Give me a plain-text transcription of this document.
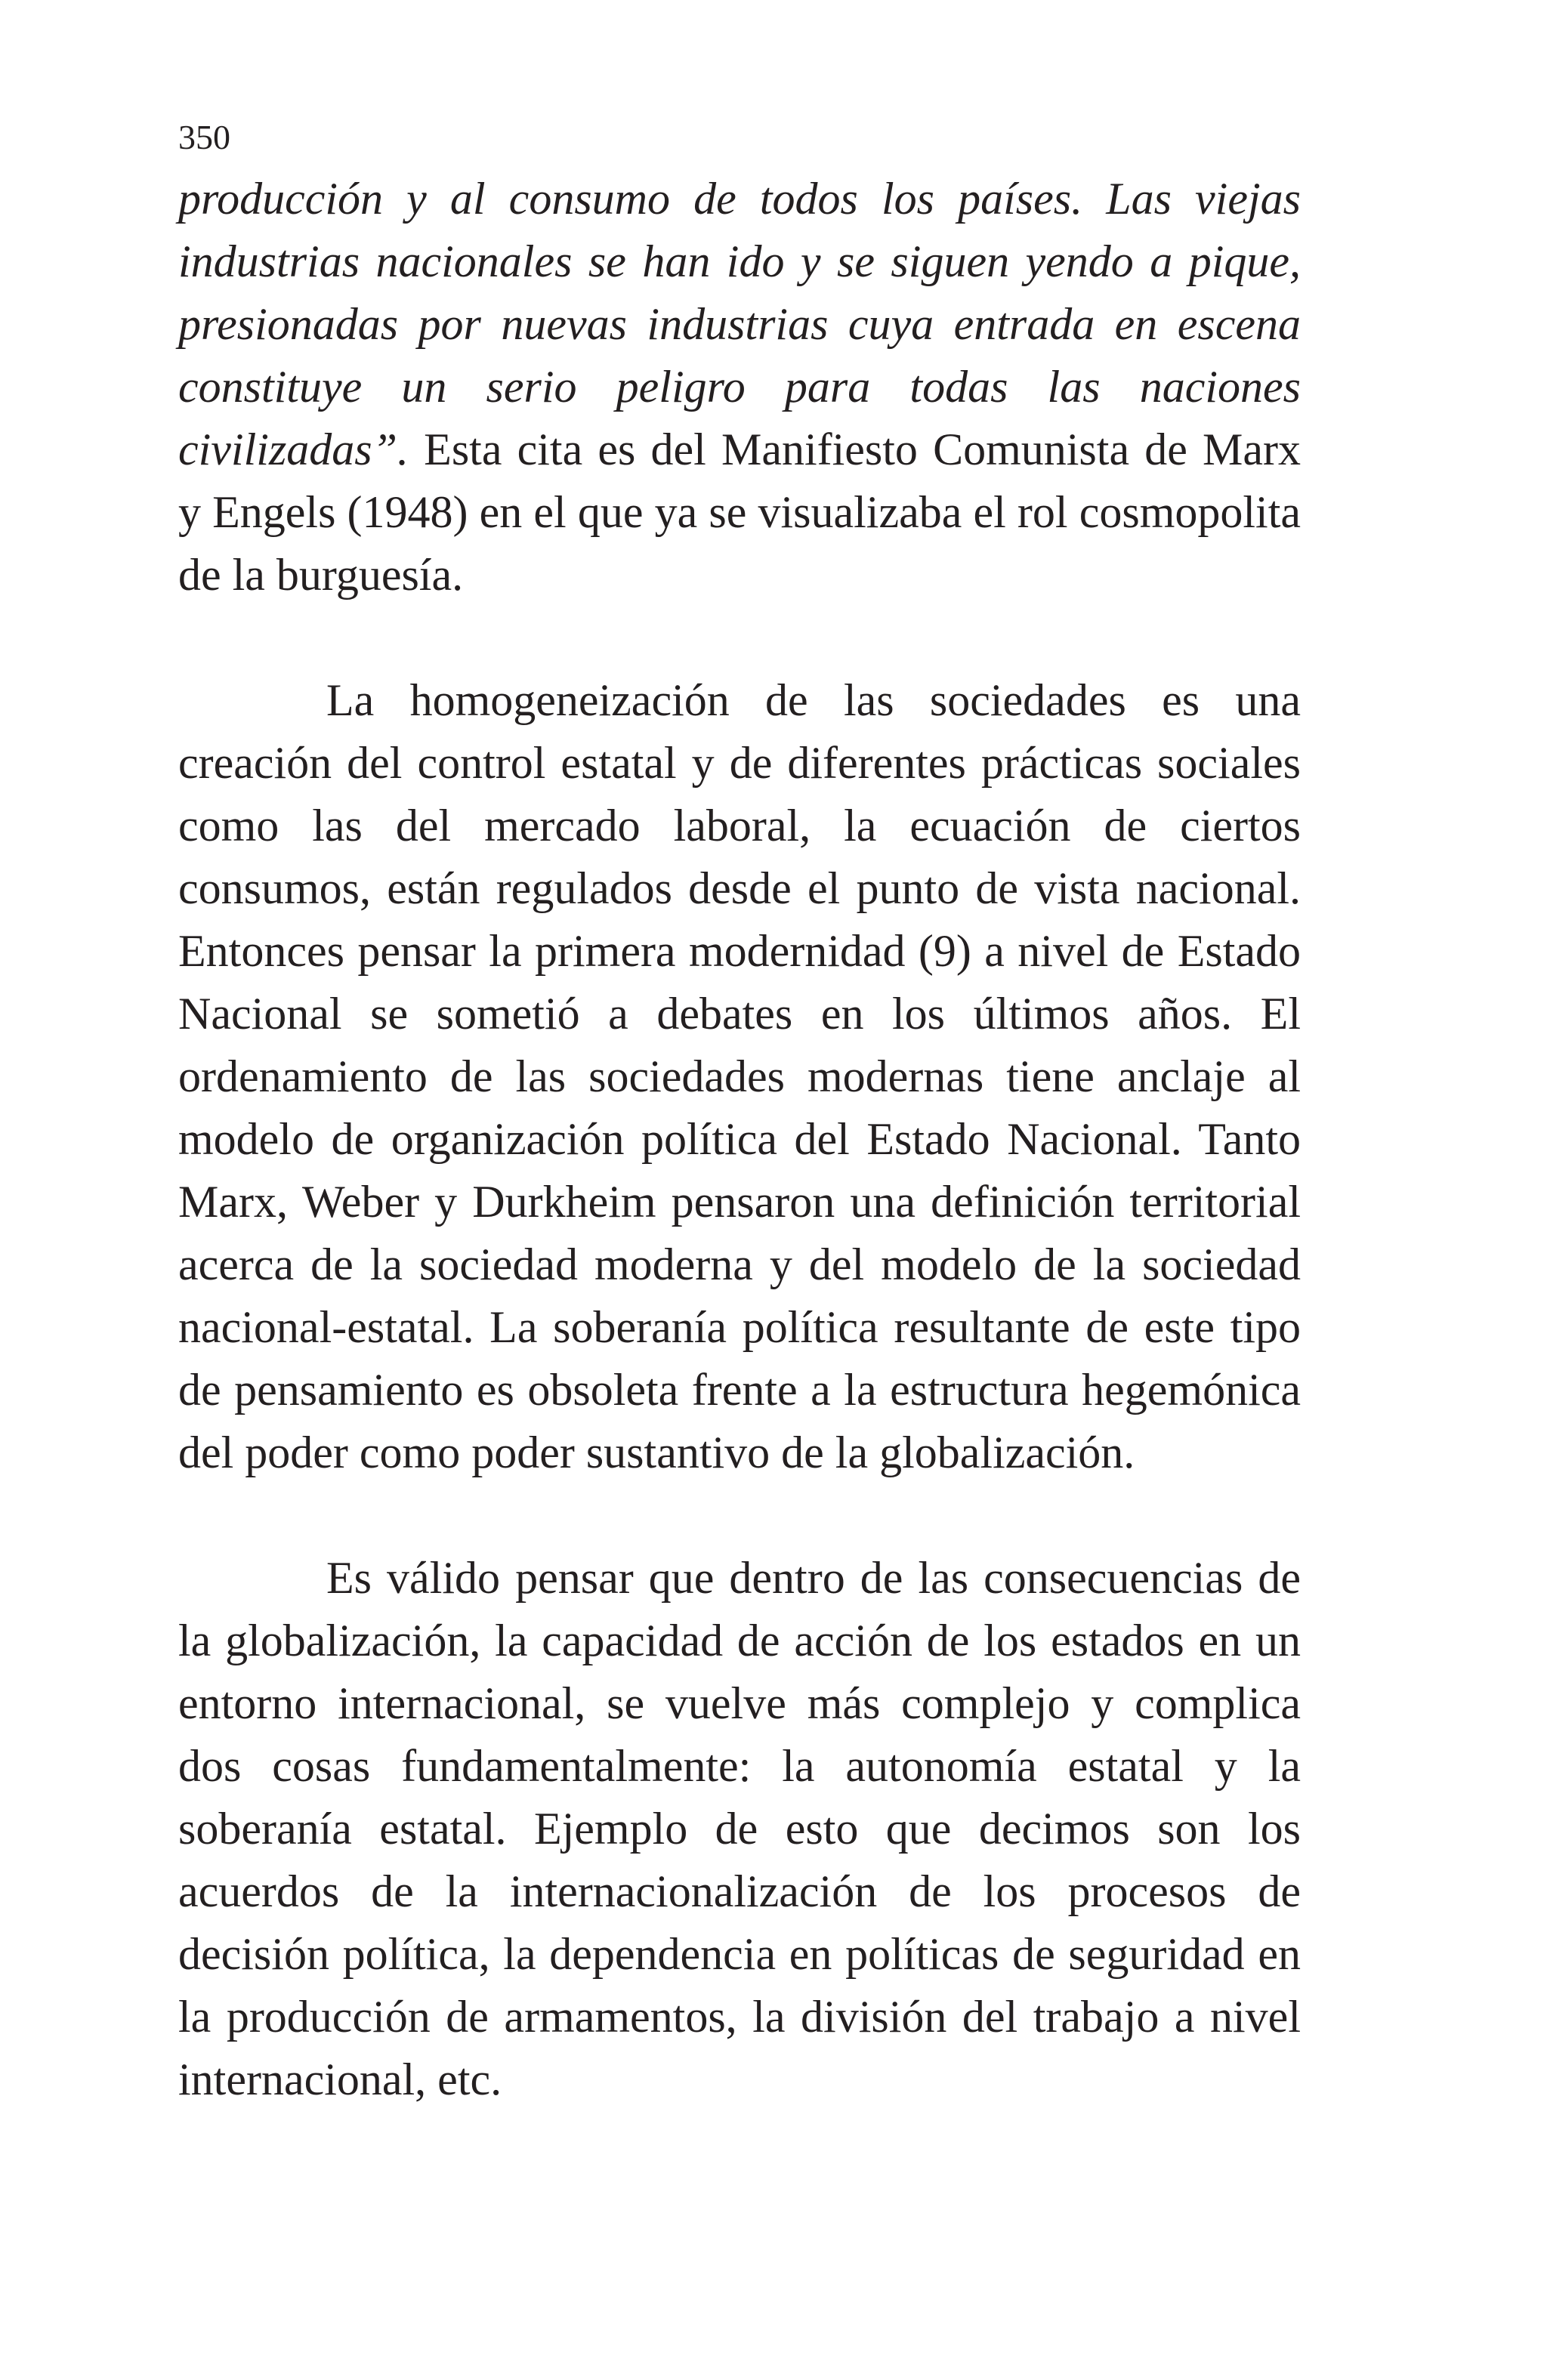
350

producción y al consumo de todos los países. Las viejas industrias nacionales se han ido y se siguen yendo a pique, presionadas por nuevas industrias cuya entrada en escena constituye un serio peligro para todas las naciones civilizadas”. Esta cita es del Manifiesto Comunista de Marx y Engels (1948) en el que ya se visualizaba el rol cosmopolita de la burguesía.

La homogeneización de las sociedades es una creación del control estatal y de diferentes prácticas sociales como las del mercado laboral, la ecuación de ciertos consumos, están regulados desde el punto de vista nacional. Entonces pensar la primera modernidad (9) a nivel de Estado Nacional se sometió a debates en los últimos años. El ordenamiento de las sociedades modernas tiene anclaje al modelo de organización política del Estado Nacional. Tanto Marx, Weber y Durkheim pensaron una definición territorial acerca de la sociedad moderna y del modelo de la sociedad nacional-estatal. La soberanía política resultante de este tipo de pensamiento es obsoleta frente a la estructura hegemónica del poder como poder sustantivo de la globalización.

Es válido pensar que dentro de las consecuencias de la globalización, la capacidad de acción de los estados en un entorno internacional, se vuelve más complejo y complica dos cosas fundamentalmente: la autonomía estatal y la soberanía estatal. Ejemplo de esto que decimos son los acuerdos de la internacionalización de los procesos de decisión política, la dependencia en políticas de seguridad en la producción de armamentos, la división del trabajo a nivel internacional, etc.
